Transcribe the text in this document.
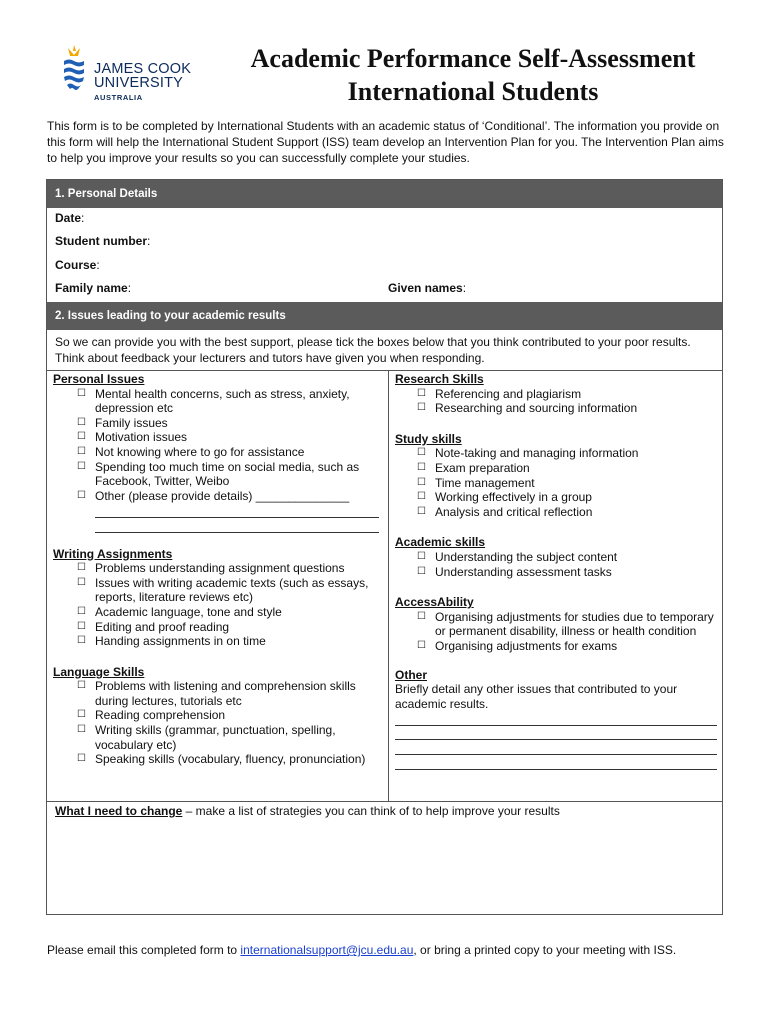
JAMES COOK
UNIVERSITY
AUSTRALIA
Academic Performance Self-Assessment
International Students
This form is to be completed by International Students with an academic status of ‘Conditional’. The information you provide on this form will help the International Student Support (ISS) team develop an Intervention Plan for you. The Intervention Plan aims to help you improve your results so you can successfully complete your studies.
1. Personal Details
Date:
Student number:
Course:
Family name:	Given names:
2. Issues leading to your academic results
So we can provide you with the best support, please tick the boxes below that you think contributed to your poor results. Think about feedback your lecturers and tutors have given you when responding.
Personal Issues
☐ Mental health concerns, such as stress, anxiety, depression etc
☐ Family issues
☐ Motivation issues
☐ Not knowing where to go for assistance
☐ Spending too much time on social media, such as Facebook, Twitter, Weibo
☐ Other (please provide details) ______________
Writing Assignments
☐ Problems understanding assignment questions
☐ Issues with writing academic texts (such as essays, reports, literature reviews etc)
☐ Academic language, tone and style
☐ Editing and proof reading
☐ Handing assignments in on time
Language Skills
☐ Problems with listening and comprehension skills during lectures, tutorials etc
☐ Reading comprehension
☐ Writing skills (grammar, punctuation, spelling, vocabulary etc)
☐ Speaking skills (vocabulary, fluency, pronunciation)
Research Skills
☐ Referencing and plagiarism
☐ Researching and sourcing information
Study skills
☐ Note-taking and managing information
☐ Exam preparation
☐ Time management
☐ Working effectively in a group
☐ Analysis and critical reflection
Academic skills
☐ Understanding the subject content
☐ Understanding assessment tasks
AccessAbility
☐ Organising adjustments for studies due to temporary or permanent disability, illness or health condition
☐ Organising adjustments for exams
Other
Briefly detail any other issues that contributed to your academic results.
What I need to change – make a list of strategies you can think of to help improve your results
Please email this completed form to internationalsupport@jcu.edu.au, or bring a printed copy to your meeting with ISS.
